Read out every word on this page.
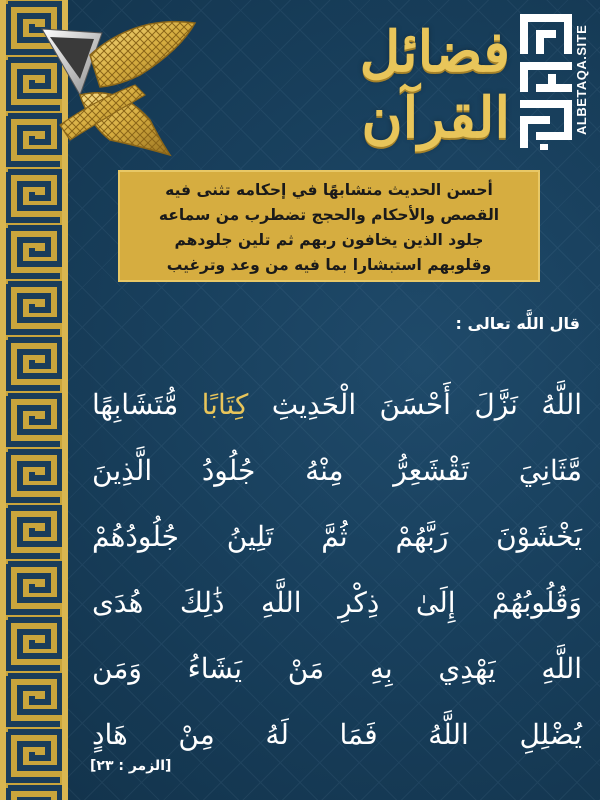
فضائل القرآن	ALBETAQA.SITE
أحسن الحديث متشابهًا في إحكامه تثنى فيه
القصص والأحكام والحجج تضطرب من سماعه
جلود الذين يخافون ربهم ثم تلين جلودهم
وقلوبهم استبشارا بما فيه من وعد وترغيب
قال اللَّه تعالى :
اللَّهُ نَزَّلَ أَحْسَنَ الْحَدِيثِ كِتَابًا مُّتَشَابِهًا
مَّثَانِيَ تَقْشَعِرُّ مِنْهُ جُلُودُ الَّذِينَ
يَخْشَوْنَ رَبَّهُمْ ثُمَّ تَلِينُ جُلُودُهُمْ
وَقُلُوبُهُمْ إِلَىٰ ذِكْرِ اللَّهِ ذَٰلِكَ هُدَى
اللَّهِ يَهْدِي بِهِ مَنْ يَشَاءُ وَمَن
يُضْلِلِ اللَّهُ فَمَا لَهُ مِنْ هَادٍ
[الزمر : ٢٣]
